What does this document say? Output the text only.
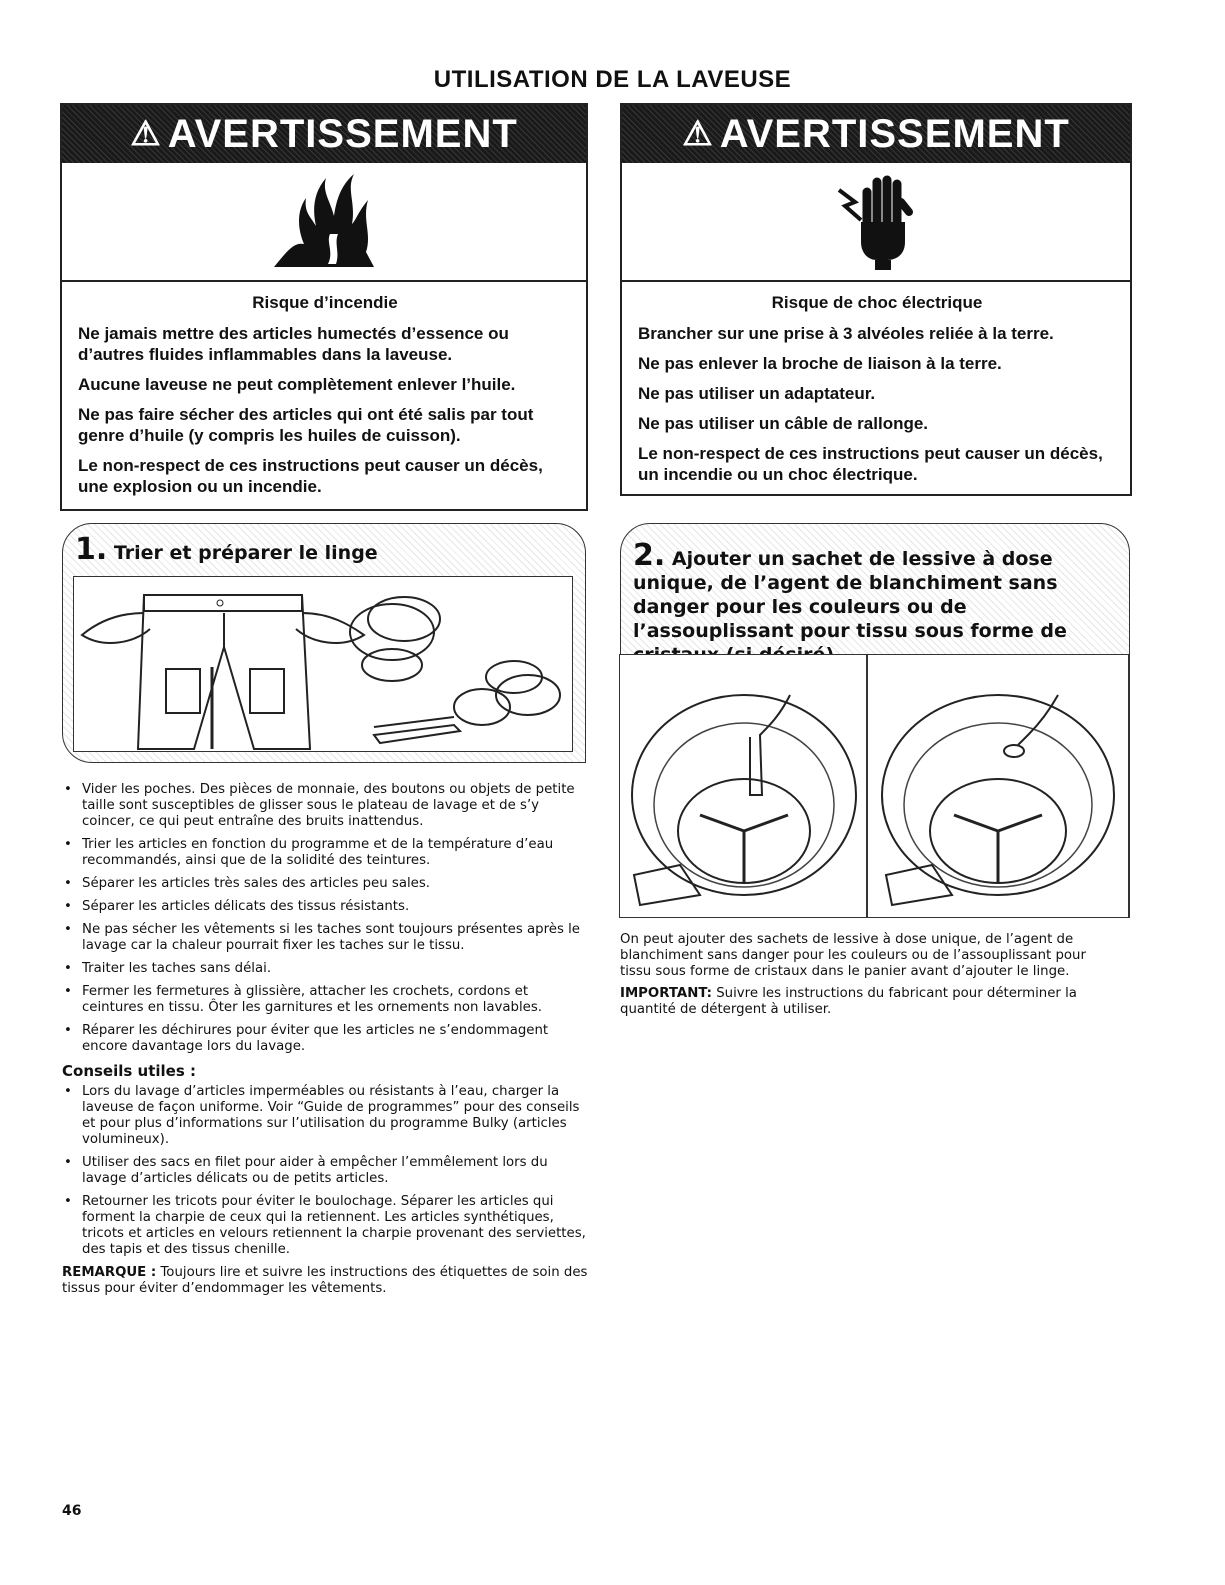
UTILISATION DE LA LAVEUSE
⚠ AVERTISSEMENT
Risque d’incendie

Ne jamais mettre des articles humectés d’essence ou d’autres fluides inflammables dans la laveuse.

Aucune laveuse ne peut complètement enlever l’huile.

Ne pas faire sécher des articles qui ont été salis par tout genre d’huile (y compris les huiles de cuisson).

Le non-respect de ces instructions peut causer un décès, une explosion ou un incendie.

⚠ AVERTISSEMENT
Risque de choc électrique

Brancher sur une prise à 3 alvéoles reliée à la terre.

Ne pas enlever la broche de liaison à la terre.

Ne pas utiliser un adaptateur.

Ne pas utiliser un câble de rallonge.

Le non-respect de ces instructions peut causer un décès, un incendie ou un choc électrique.

1. Trier et préparer le linge
• Vider les poches. Des pièces de monnaie, des boutons ou objets de petite taille sont susceptibles de glisser sous le plateau de lavage et de s’y coincer, ce qui peut entraîne des bruits inattendus.
• Trier les articles en fonction du programme et de la température d’eau recommandés, ainsi que de la solidité des teintures.
• Séparer les articles très sales des articles peu sales.
• Séparer les articles délicats des tissus résistants.
• Ne pas sécher les vêtements si les taches sont toujours présentes après le lavage car la chaleur pourrait fixer les taches sur le tissu.
• Traiter les taches sans délai.
• Fermer les fermetures à glissière, attacher les crochets, cordons et ceintures en tissu. Ôter les garnitures et les ornements non lavables.
• Réparer les déchirures pour éviter que les articles ne s’endommagent encore davantage lors du lavage.
Conseils utiles :
• Lors du lavage d’articles imperméables ou résistants à l’eau, charger la laveuse de façon uniforme. Voir “Guide de programmes” pour des conseils et pour plus d’informations sur l’utilisation du programme Bulky (articles volumineux).
• Utiliser des sacs en filet pour aider à empêcher l’emmêlement lors du lavage d’articles délicats ou de petits articles.
• Retourner les tricots pour éviter le boulochage. Séparer les articles qui forment la charpie de ceux qui la retiennent. Les articles synthétiques, tricots et articles en velours retiennent la charpie provenant des serviettes, des tapis et des tissus chenille.
REMARQUE : Toujours lire et suivre les instructions des étiquettes de soin des tissus pour éviter d’endommager les vêtements.
2. Ajouter un sachet de lessive à dose unique, de l’agent de blanchiment sans danger pour les couleurs ou de l’assouplissant pour tissu sous forme de
On peut ajouter des sachets de lessive à dose unique, de l’agent de blanchiment sans danger pour les couleurs ou de l’assouplissant pour tissu sous forme de cristaux dans le panier avant d’ajouter le linge.
IMPORTANT: Suivre les instructions du fabricant pour déterminer la quantité de détergent à utiliser.
46
